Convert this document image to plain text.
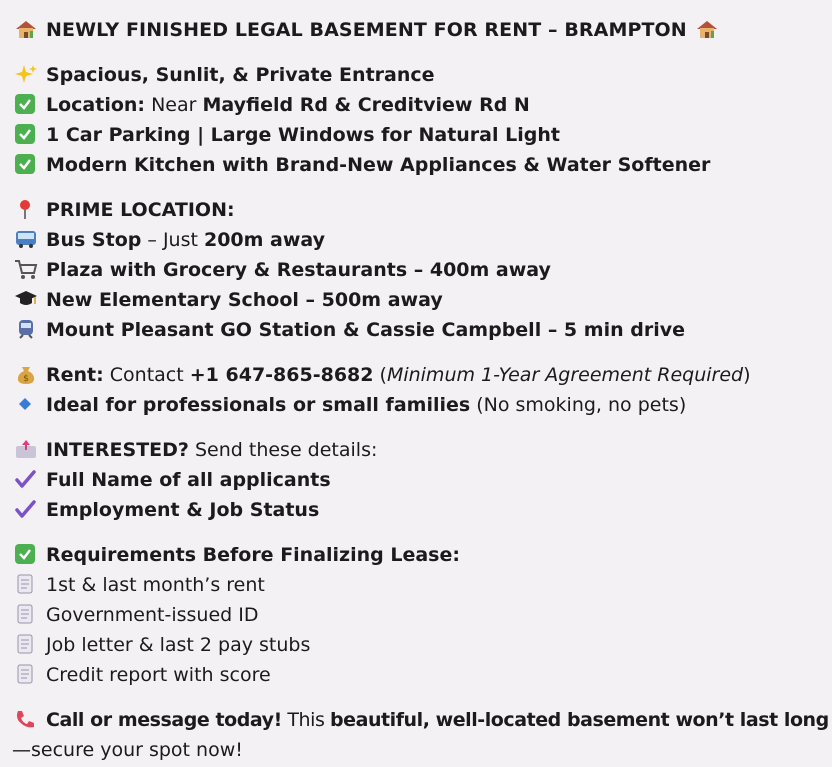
NEWLY FINISHED LEGAL BASEMENT FOR RENT – BRAMPTON
Spacious, Sunlit, & Private Entrance
Location: Near Mayfield Rd & Creditview Rd N
1 Car Parking | Large Windows for Natural Light
Modern Kitchen with Brand-New Appliances & Water Softener
PRIME LOCATION:
Bus Stop – Just 200m away
Plaza with Grocery & Restaurants – 400m away
New Elementary School – 500m away
Mount Pleasant GO Station & Cassie Campbell – 5 min drive
$ Rent: Contact +1 647-865-8682 (Minimum 1-Year Agreement Required)
Ideal for professionals or small families (No smoking, no pets)
INTERESTED? Send these details:
Full Name of all applicants
Employment & Job Status
Requirements Before Finalizing Lease:
1st & last month’s rent
Government-issued ID
Job letter & last 2 pay stubs
Credit report with score
Call or message today! This beautiful, well-located basement won’t last long
—secure your spot now!
